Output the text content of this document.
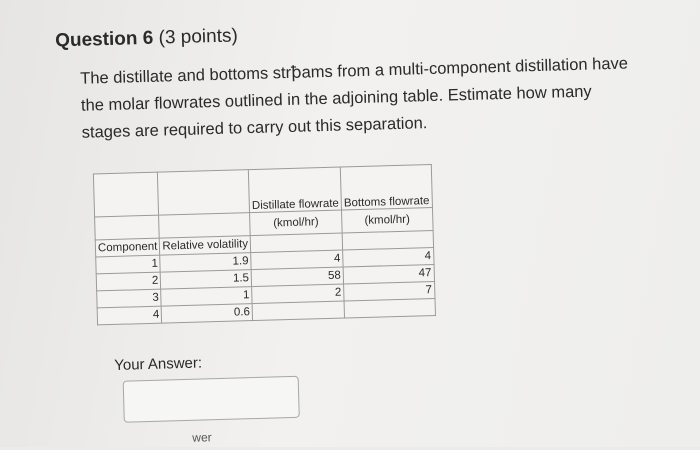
Question 6 (3 points)
The distillate and bottoms strꝥams from a multi-component distillation have the molar flowrates outlined in the adjoining table. Estimate how many stages are required to carry out this separation.
		Distillate flowrate	Bottoms flowrate
		(kmol/hr)	(kmol/hr)
Component	Relative volatility		
1	1.9	4	4
2	1.5	58	47
3	1	2	7
4	0.6		
Your Answer:
wer
